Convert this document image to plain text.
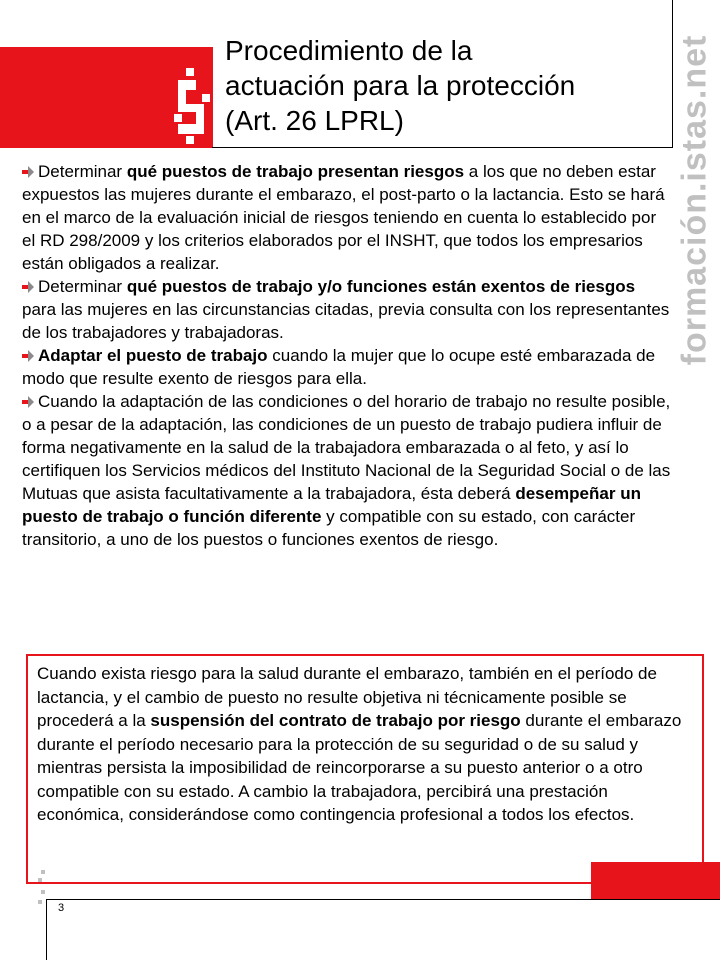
Procedimiento de la
actuación para la protección
(Art. 26 LPRL)	formación.istas.net

Determinar qué puestos de trabajo presentan riesgos a los que no deben estar expuestos las mujeres durante el embarazo, el post-parto o la lactancia. Esto se hará en el marco de la evaluación inicial de riesgos teniendo en cuenta lo establecido por el RD 298/2009 y los criterios elaborados por el INSHT, que todos los empresarios están obligados a realizar.

Determinar qué puestos de trabajo y/o funciones están exentos de riesgos para las mujeres en las circunstancias citadas, previa consulta con los representantes de los trabajadores y trabajadoras.

Adaptar el puesto de trabajo cuando la mujer que lo ocupe esté embarazada de modo que resulte exento de riesgos para ella.

Cuando la adaptación de las condiciones o del horario de trabajo no resulte posible, o a pesar de la adaptación, las condiciones de un puesto de trabajo pudiera influir de forma negativamente en la salud de la trabajadora embarazada o al feto, y así lo certifiquen los Servicios médicos del Instituto Nacional de la Seguridad Social o de las Mutuas que asista facultativamente a la trabajadora, ésta deberá desempeñar un puesto de trabajo o función diferente y compatible con su estado, con carácter transitorio, a uno de los puestos o funciones exentos de riesgo.

Cuando exista riesgo para la salud durante el embarazo, también en el período de lactancia, y el cambio de puesto no resulte objetiva ni técnicamente posible se procederá a la suspensión del contrato de trabajo por riesgo durante el embarazo durante el período necesario para la protección de su seguridad o de su salud y mientras persista la imposibilidad de reincorporarse a su puesto anterior o a otro compatible con su estado. A cambio la trabajadora, percibirá una prestación económica, considerándose como contingencia profesional a todos los efectos.
3
